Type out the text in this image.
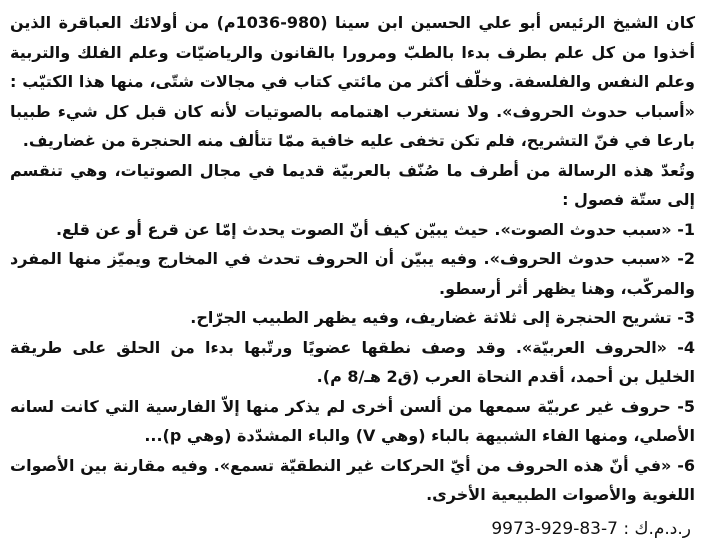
كان الشيخ الرئيس أبو علي الحسين ابن سينا (980-1036م) من أولائك العباقرة الذين أخذوا من كل علم بطرف بدءا بالطبّ ومرورا بالقانون والرياضيّات وعلم الفلك والتربية وعلم النفس والفلسفة. وخلّف أكثر من مائتي كتاب في مجالات شتّى، منها هذا الكتيّب : «أسباب حدوث الحروف». ولا نستغرب اهتمامه بالصوتيات لأنه كان قبل كل شيء طبيبا بارعا في فنّ التشريح، فلم تكن تخفى عليه خافية ممّا تتألف منه الحنجرة من غضاريف.

وتُعدّ هذه الرسالة من أطرف ما صُنّف بالعربيّة قديما في مجال الصوتيات، وهي تنقسم إلى ستّة فصول :

1- «سبب حدوث الصوت». حيث يبيّن كيف أنّ الصوت يحدث إمّا عن قرع أو عن قلع.
2- «سبب حدوث الحروف». وفيه يبيّن أن الحروف تحدث في المخارج ويميّز منها المفرد والمركّب، وهنا يظهر أثر أرسطو.
3- تشريح الحنجرة إلى ثلاثة غضاريف، وفيه يظهر الطبيب الجرّاح.
4- «الحروف العربيّة». وقد وصف نطقها عضويًا ورتّبها بدءا من الحلق على طريقة الخليل بن أحمد، أقدم النحاة العرب (ق2 هـ/8 م).
5- حروف غير عربيّة سمعها من ألسن أخرى لم يذكر منها إلاّ الفارسية التي كانت لسانه الأصلي، ومنها الفاء الشبيهة بالباء (وهي V) والباء المشدّدة (وهي p)...
6- «في أنّ هذه الحروف من أيّ الحركات غير النطقيّة تسمع». وفيه مقارنة بين الأصوات اللغوية والأصوات الطبيعية الأخرى.
ر.د.م.ك : 9973-929-83-7
